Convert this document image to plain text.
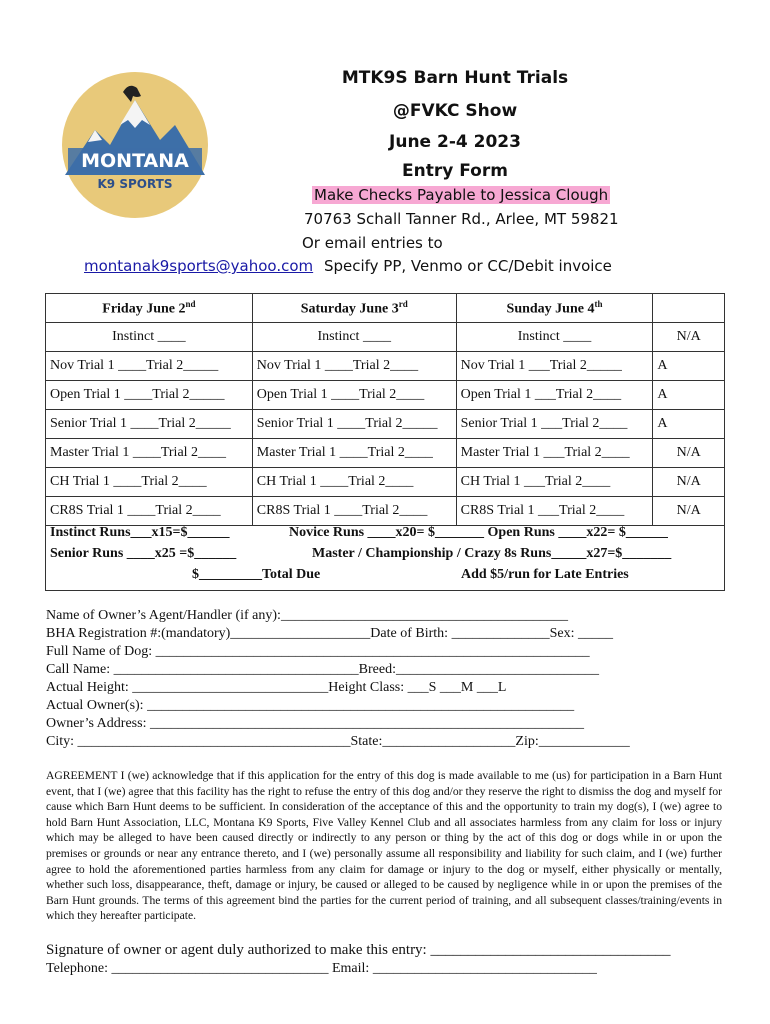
MONTANA
K9 SPORTS
MTK9S Barn Hunt Trials
@FVKC Show
June 2-4 2023
Entry Form
Make Checks Payable to Jessica Clough
70763 Schall Tanner Rd., Arlee, MT 59821
Or email entries to
montanak9sports@yahoo.com Specify PP, Venmo or CC/Debit invoice
Friday June 2nd	Saturday June 3rd	Sunday June 4th	
Instinct ____	Instinct ____	Instinct ____	N/A
Nov Trial 1 ____Trial 2_____	Nov Trial 1 ____Trial 2____	Nov Trial 1 ___Trial 2_____	A
Open Trial 1 ____Trial 2_____	Open Trial 1 ____Trial 2____	Open Trial 1 ___Trial 2____	A
Senior Trial 1 ____Trial 2_____	Senior Trial 1 ____Trial 2_____	Senior Trial 1 ___Trial 2____	A
Master Trial 1 ____Trial 2____	Master Trial 1 ____Trial 2____	Master Trial 1 ___Trial 2____	N/A
CH Trial 1 ____Trial 2____	CH Trial 1 ____Trial 2____	CH Trial 1 ___Trial 2____	N/A
CR8S Trial 1 ____Trial 2____	CR8S Trial 1 ____Trial 2____	CR8S Trial 1 ___Trial 2____	N/A

Instinct Runs___x15=$______	Novice Runs ____x20= $_______ Open Runs ____x22= $______
Senior Runs ____x25 =$______	Master / Championship / Crazy 8s Runs_____x27=$_______
$_________Total Due	Add $5/run for Late Entries
Name of Owner’s Agent/Handler (if any):_________________________________________
BHA Registration #:(mandatory)____________________Date of Birth: ______________Sex: _____
Full Name of Dog: ______________________________________________________________
Call Name: ___________________________________Breed:_____________________________
Actual Height: ____________________________Height Class: ___S ___M ___L
Actual Owner(s): _____________________________________________________________
Owner’s Address: ______________________________________________________________
City: _______________________________________State:___________________Zip:_____________
AGREEMENT I (we) acknowledge that if this application for the entry of this dog is made available to me (us) for participation in a Barn Hunt event, that I (we) agree that this facility has the right to refuse the entry of this dog and/or they reserve the right to dismiss the dog and myself for cause which Barn Hunt deems to be sufficient. In consideration of the acceptance of this and the opportunity to train my dog(s), I (we) agree to hold Barn Hunt Association, LLC, Montana K9 Sports, Five Valley Kennel Club and all associates harmless from any claim for loss or injury which may be alleged to have been caused directly or indirectly to any person or thing by the act of this dog or dogs while in or upon the premises or grounds or near any entrance thereto, and I (we) personally assume all responsibility and liability for such claim, and I (we) further agree to hold the aforementioned parties harmless from any claim for damage or injury to the dog or myself, either physically or mentally, whether such loss, disappearance, theft, damage or injury, be caused or alleged to be caused by negligence while in or upon the premises of the Barn Hunt grounds. The terms of this agreement bind the parties for the current period of training, and all subsequent classes/training/events in which they hereafter participate.
Signature of owner or agent duly authorized to make this entry: ________________________________
Telephone: _______________________________ Email: ________________________________
